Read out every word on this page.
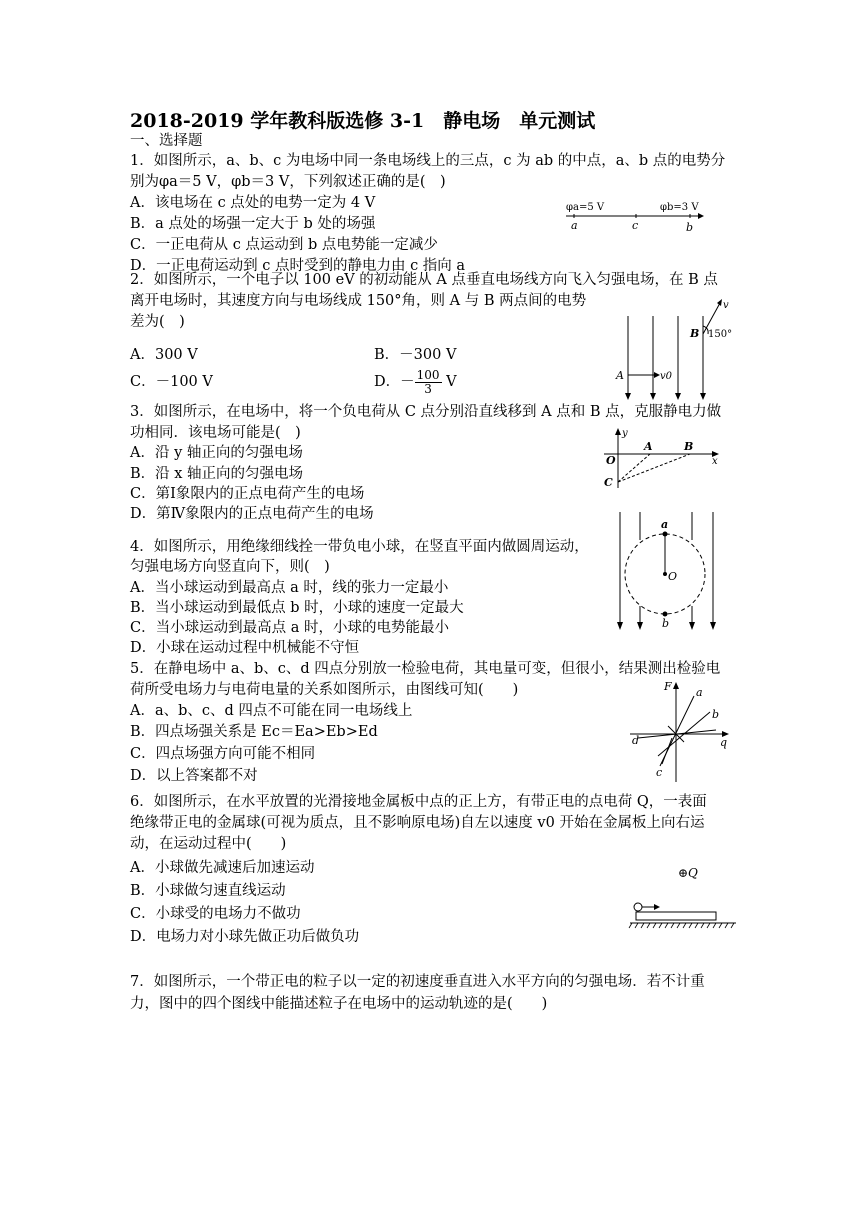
2018-2019 学年教科版选修 3-1　静电场　单元测试
一、选择题
1．如图所示，a、b、c 为电场中同一条电场线上的三点，c 为 ab 的中点，a、b 点的电势分
别为φa＝5 V，φb＝3 V，下列叙述正确的是(　)
A．该电场在 c 点处的电势一定为 4 V
B．a 点处的场强一定大于 b 处的场强
C．一正电荷从 c 点运动到 b 点电势能一定减少
D．一正电荷运动到 c 点时受到的静电力由 c 指向 a
φa=5 V	φb=3 V
a	c	b
2．如图所示，一个电子以 100 eV 的初动能从 A 点垂直电场线方向飞入匀强电场，在 B 点
离开电场时，其速度方向与电场线成 150°角，则 A 与 B 两点间的电势
差为(　)
A．300 V	B．－300 V
C．－100 V	D．－ $\frac{100}{3}$ V	A	v0
v
B 150°
3．如图所示，在电场中，将一个负电荷从 C 点分别沿直线移到 A 点和 B 点，克服静电力做
功相同．该电场可能是(　)
A．沿 y 轴正向的匀强电场
B．沿 x 轴正向的匀强电场
C．第Ⅰ象限内的正点电荷产生的电场
D．第Ⅳ象限内的正点电荷产生的电场
y
A	B
O	x
C
4．如图所示，用绝缘细线拴一带负电小球，在竖直平面内做圆周运动，
匀强电场方向竖直向下，则(　)
A．当小球运动到最高点 a 时，线的张力一定最小
B．当小球运动到最低点 b 时，小球的速度一定最大
C．当小球运动到最高点 a 时，小球的电势能最小
D．小球在运动过程中机械能不守恒
a
O
b
5．在静电场中 a、b、c、d 四点分别放一检验电荷，其电量可变，但很小，结果测出检验电
荷所受电场力与电荷电量的关系如图所示，由图线可知(　　)
A．a、b、c、d 四点不可能在同一电场线上
B．四点场强关系是 Ec＝Ea>Eb>Ed
C．四点场强方向可能不相同
D．以上答案都不对
F
q
a
b
d
c
6．如图所示，在水平放置的光滑接地金属板中点的正上方，有带正电的点电荷 Q，一表面
绝缘带正电的金属球(可视为质点，且不影响原电场)自左以速度 v0 开始在金属板上向右运
动，在运动过程中(　　)
A．小球做先减速后加速运动
B．小球做匀速直线运动
C．小球受的电场力不做功
D．电场力对小球先做正功后做负功
⊕Q
7．如图所示，一个带正电的粒子以一定的初速度垂直进入水平方向的匀强电场．若不计重
力，图中的四个图线中能描述粒子在电场中的运动轨迹的是(　　)
